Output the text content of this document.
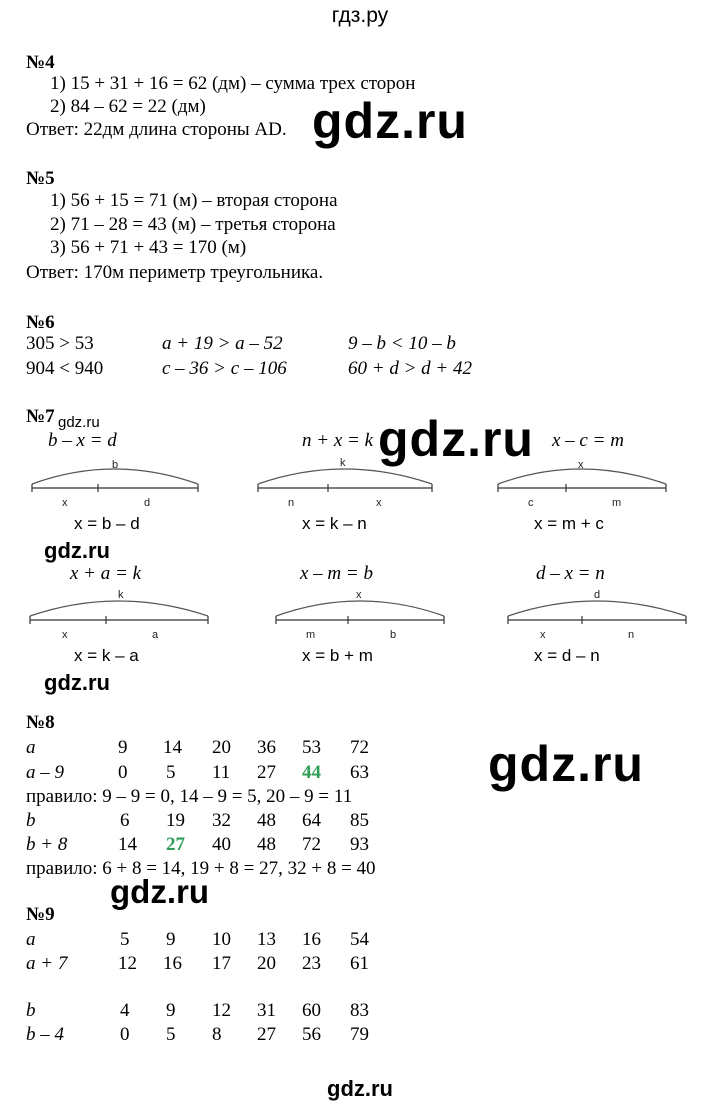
гдз.ру
№4
1) 15 + 31 + 16 = 62 (дм) – сумма трех сторон
2) 84 – 62 = 22 (дм)
Ответ: 22дм длина стороны AD. gdz.ru
№5
1) 56 + 15 = 71 (м) – вторая сторона
2) 71 – 28 = 43 (м) – третья сторона
3) 56 + 71 + 43 = 170 (м)
Ответ: 170м периметр треугольника.
№6
305 > 53	a + 19 > a – 52	9 – b < 10 – b
904 < 940	c – 36 > c – 106	60 + d > d + 42
№7 gdz.ru
b – x = d	n + x = k	x – c = m
gdz.ru
b
x	d
k
n	x
x
c	m
x = b – d	x = k – n	x = m + c
gdz.ru
x + a = k	x – m = b	d – x = n
k
x	a
x
m	b
d
x	n
x = k – a	x = b + m	x = d – n
gdz.ru
№8
a	9 14 20 36 53 72
a – 9	0 5 11 27 44 63
правило: 9 – 9 = 0, 14 – 9 = 5, 20 – 9 = 11
b	6 19 32 48 64 85
b + 8	14 27 40 48 72 93
правило: 6 + 8 = 14, 19 + 8 = 27, 32 + 8 = 40
gdz.ru
gdz.ru
№9
a	5 9 10 13 16 54
a + 7	12 16 17 20 23 61
b	4 9 12 31 60 83
b – 4	0 5 8 27 56 79
gdz.ru
